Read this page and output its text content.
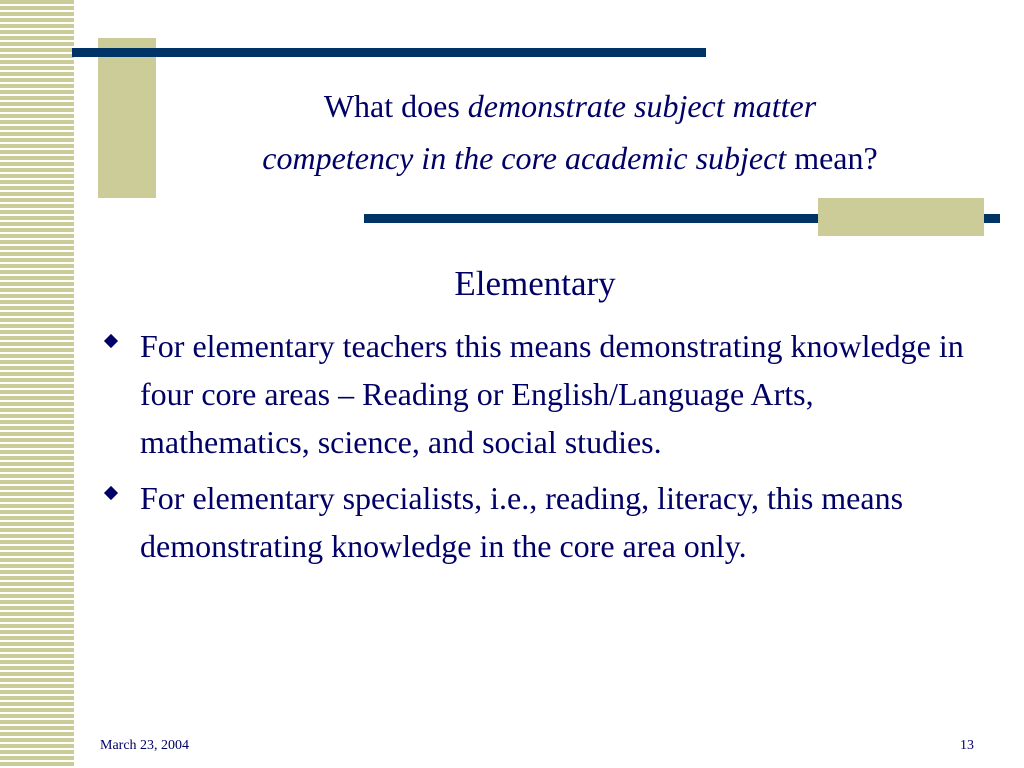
What does demonstrate subject matter
competency in the core academic subject mean?
Elementary
For elementary teachers this means demonstrating knowledge in four core areas – Reading or English/Language Arts, mathematics, science, and social studies.
For elementary specialists, i.e., reading, literacy, this means demonstrating knowledge in the core area only.
March 23, 2004	13
